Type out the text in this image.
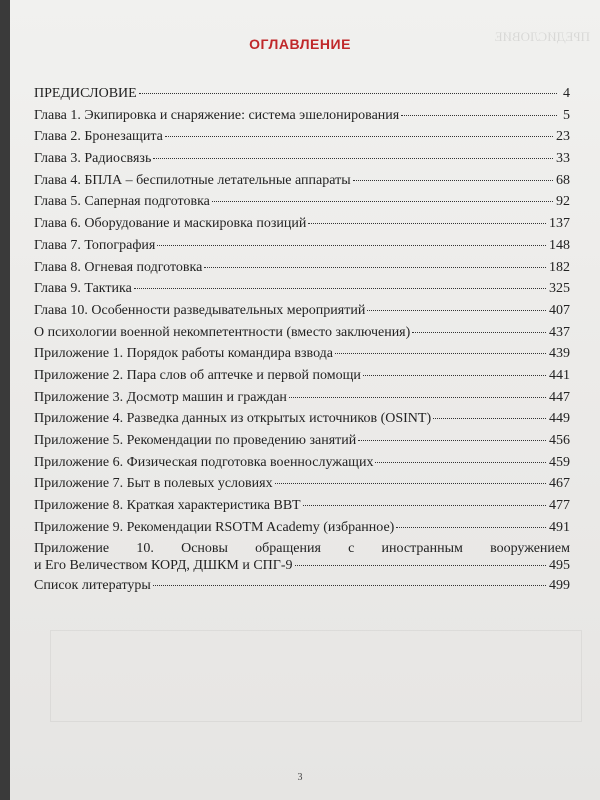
ПРЕДИСЛОВИЕ
ОГЛАВЛЕНИЕ
ПРЕДИСЛОВИЕ	4
Глава 1. Экипировка и снаряжение: система эшелонирования	5
Глава 2. Бронезащита	23
Глава 3. Радиосвязь	33
Глава 4. БПЛА – беспилотные летательные аппараты	68
Глава 5. Саперная подготовка	92
Глава 6. Оборудование и маскировка позиций	137
Глава 7. Топография	148
Глава 8. Огневая подготовка	182
Глава 9. Тактика	325
Глава 10. Особенности разведывательных мероприятий	407
О психологии военной некомпетентности (вместо заключения)	437
Приложение 1. Порядок работы командира взвода	439
Приложение 2. Пара слов об аптечке и первой помощи	441
Приложение 3. Досмотр машин и граждан	447
Приложение 4. Разведка данных из открытых источников (OSINT)	449
Приложение 5. Рекомендации по проведению занятий	456
Приложение 6. Физическая подготовка военнослужащих	459
Приложение 7. Быт в полевых условиях	467
Приложение 8. Краткая характеристика ВВТ	477
Приложение 9. Рекомендации RSOTM Academy (избранное)	491
Приложение 10. Основы обращения с иностранным вооружением
и Его Величеством КОРД, ДШКМ и СПГ-9	495
Список литературы	499
3
